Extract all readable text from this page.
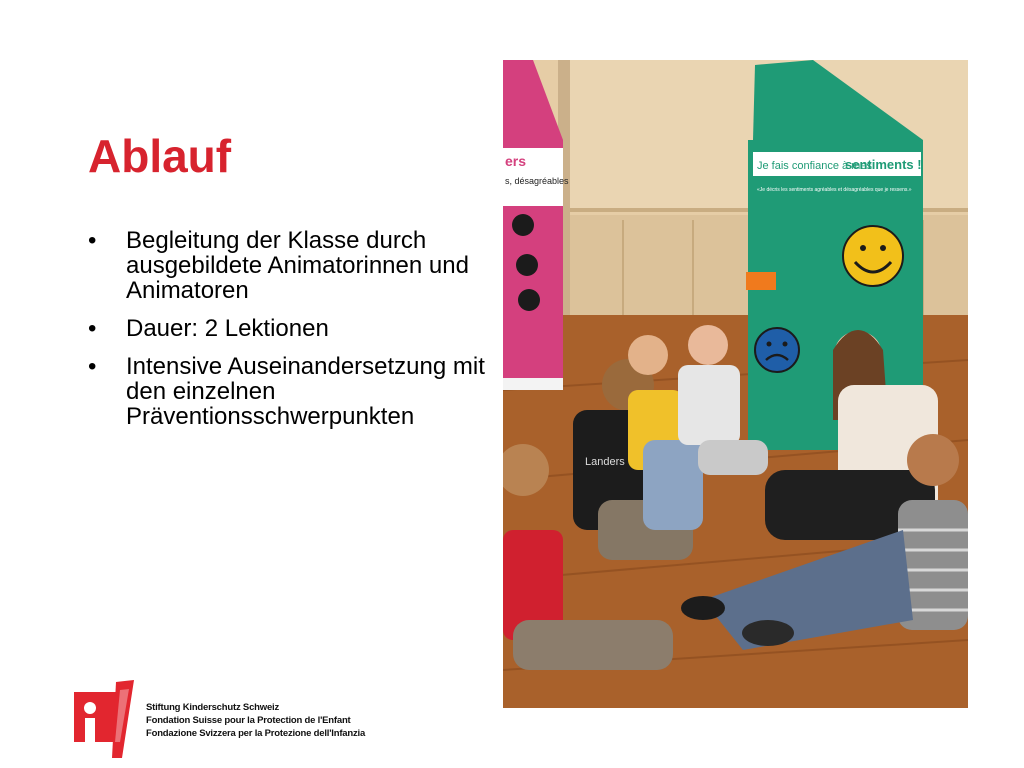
Ablauf
• Begleitung der Klasse durch ausgebildete Animatorinnen und Animatoren
• Dauer: 2 Lektionen
• Intensive Auseinandersetzung mit den einzelnen Präventionsschwerpunkten
ers
s, désagréables
Je fais confiance à mes
sentiments !
«Je décris les sentiments agréables et désagréables que je ressens.»
Landers
Stiftung Kinderschutz Schweiz
Fondation Suisse pour la Protection de l'Enfant
Fondazione Svizzera per la Protezione dell'Infanzia
